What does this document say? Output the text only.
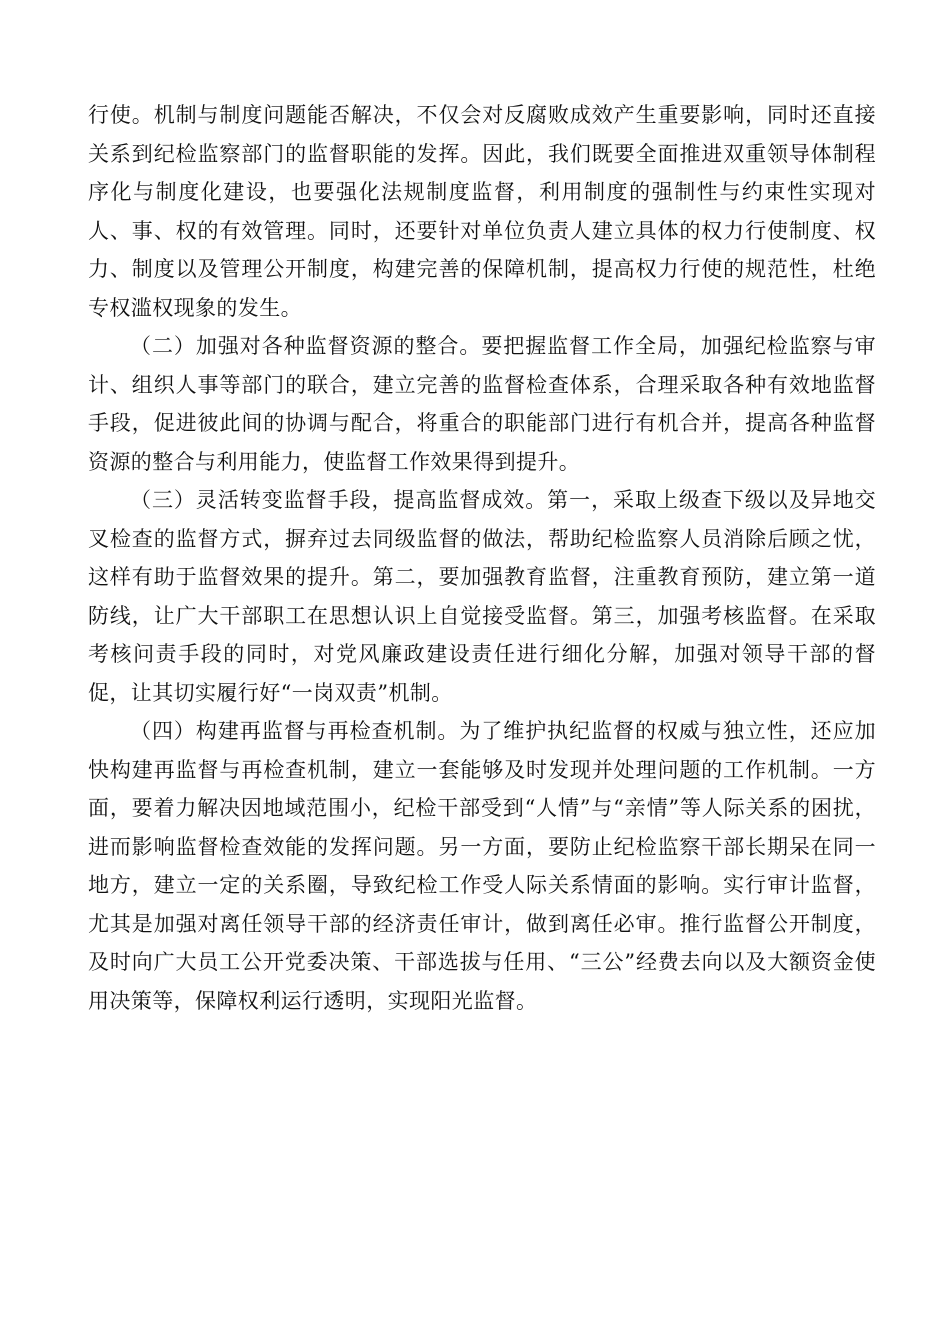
行使。机制与制度问题能否解决，不仅会对反腐败成效产生重要影响，同时还直接关系到纪检监察部门的监督职能的发挥。因此，我们既要全面推进双重领导体制程序化与制度化建设，也要强化法规制度监督，利用制度的强制性与约束性实现对人、事、权的有效管理。同时，还要针对单位负责人建立具体的权力行使制度、权力、制度以及管理公开制度，构建完善的保障机制，提高权力行使的规范性，杜绝专权滥权现象的发生。

（二）加强对各种监督资源的整合。要把握监督工作全局，加强纪检监察与审计、组织人事等部门的联合，建立完善的监督检查体系，合理采取各种有效地监督手段，促进彼此间的协调与配合，将重合的职能部门进行有机合并，提高各种监督资源的整合与利用能力，使监督工作效果得到提升。

（三）灵活转变监督手段，提高监督成效。第一，采取上级查下级以及异地交叉检查的监督方式，摒弃过去同级监督的做法，帮助纪检监察人员消除后顾之忧，这样有助于监督效果的提升。第二，要加强教育监督，注重教育预防，建立第一道防线，让广大干部职工在思想认识上自觉接受监督。第三，加强考核监督。在采取考核问责手段的同时，对党风廉政建设责任进行细化分解，加强对领导干部的督促，让其切实履行好“一岗双责”机制。

（四）构建再监督与再检查机制。为了维护执纪监督的权威与独立性，还应加快构建再监督与再检查机制，建立一套能够及时发现并处理问题的工作机制。一方面，要着力解决因地域范围小，纪检干部受到“人情”与“亲情”等人际关系的困扰，进而影响监督检查效能的发挥问题。另一方面，要防止纪检监察干部长期呆在同一地方，建立一定的关系圈，导致纪检工作受人际关系情面的影响。实行审计监督，尤其是加强对离任领导干部的经济责任审计，做到离任必审。推行监督公开制度，及时向广大员工公开党委决策、干部选拔与任用、“三公”经费去向以及大额资金使用决策等，保障权利运行透明，实现阳光监督。
